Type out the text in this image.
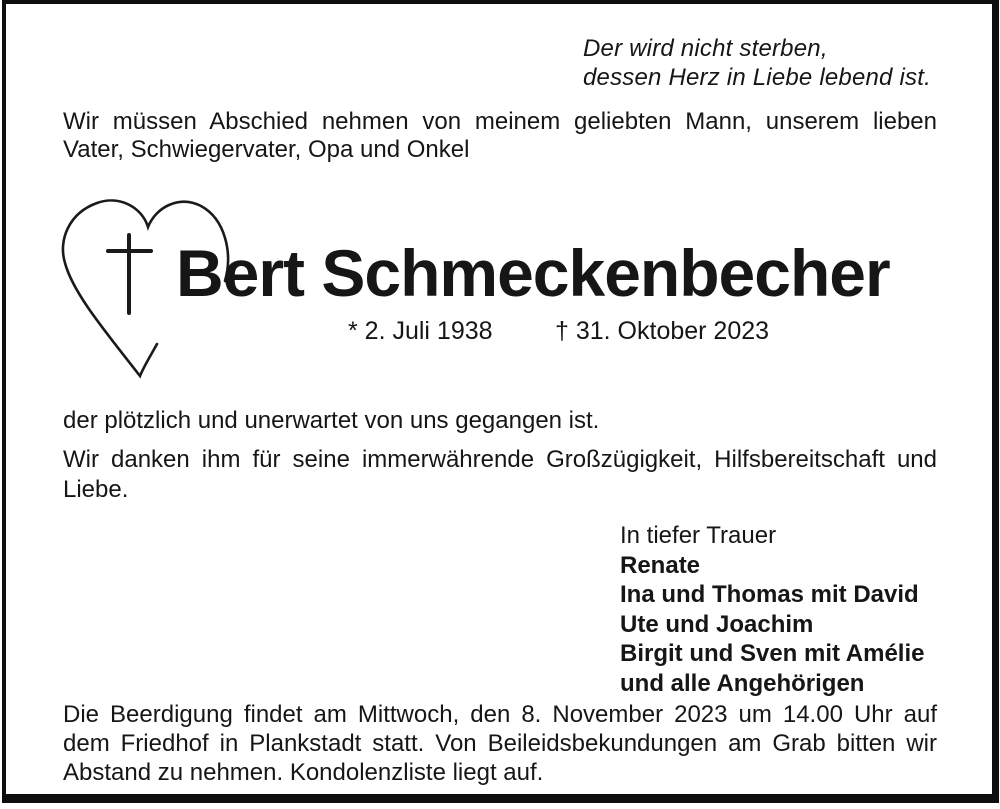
Der wird nicht sterben,
dessen Herz in Liebe lebend ist.
Wir müssen Abschied nehmen von meinem geliebten Mann, unserem lieben Vater, Schwiegervater, Opa und Onkel
Bert Schmeckenbecher
* 2. Juli 1938 † 31. Oktober 2023
der plötzlich und unerwartet von uns gegangen ist.
Wir danken ihm für seine immerwährende Großzügigkeit, Hilfsbereitschaft und Liebe.
In tiefer Trauer
Renate
Ina und Thomas mit David
Ute und Joachim
Birgit und Sven mit Amélie
und alle Angehörigen
Die Beerdigung findet am Mittwoch, den 8. November 2023 um 14.00 Uhr auf dem Friedhof in Plankstadt statt. Von Beileidsbekundungen am Grab bitten wir Abstand zu nehmen. Kondolenzliste liegt auf.
